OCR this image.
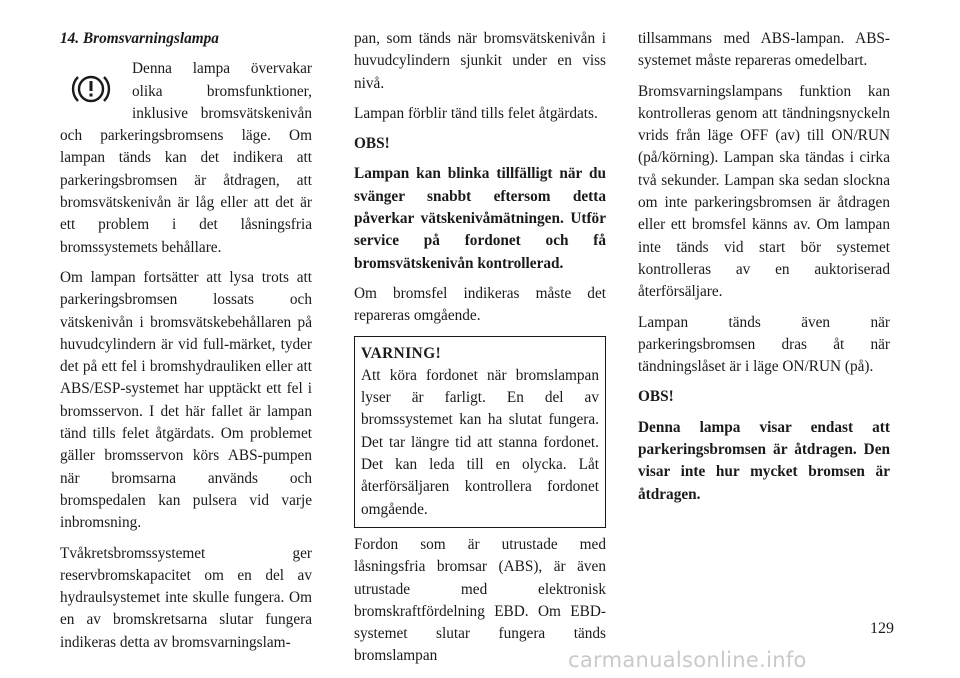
14. Bromsvarningslampa

Denna lampa övervakar olika bromsfunktioner, inklusive bromsvätskenivån och parkeringsbromsens läge. Om lampan tänds kan det indikera att parkeringsbromsen är åtdragen, att bromsvätskenivån är låg eller att det är ett problem i det låsningsfria bromssystemets behållare.

Om lampan fortsätter att lysa trots att parkeringsbromsen lossats och vätskenivån i bromsvätskebehållaren på huvudcylindern är vid full-märket, tyder det på ett fel i bromshydrauliken eller att ABS/ESP-systemet har upptäckt ett fel i bromsservon. I det här fallet är lampan tänd tills felet åtgärdats. Om problemet gäller bromsservon körs ABS-pumpen när bromsarna används och bromspedalen kan pulsera vid varje inbromsning.

Tvåkretsbromssystemet ger reservbromskapacitet om en del av hydraulsystemet inte skulle fungera. Om en av bromskretsarna slutar fungera indikeras detta av bromsvarningslam-

pan, som tänds när bromsvätskenivån i huvudcylindern sjunkit under en viss nivå.

Lampan förblir tänd tills felet åtgärdats.

OBS!

Lampan kan blinka tillfälligt när du svänger snabbt eftersom detta påverkar vätskenivåmätningen. Utför service på fordonet och få bromsvätskenivån kontrollerad.

Om bromsfel indikeras måste det repareras omgående.

VARNING!

Att köra fordonet när bromslampan lyser är farligt. En del av bromssystemet kan ha slutat fungera. Det tar längre tid att stanna fordonet. Det kan leda till en olycka. Låt återförsäljaren kontrollera fordonet omgående.

Fordon som är utrustade med låsningsfria bromsar (ABS), är även utrustade med elektronisk bromskraftfördelning EBD. Om EBD-systemet slutar fungera tänds bromslampan

tillsammans med ABS-lampan. ABS-systemet måste repareras omedelbart.

Bromsvarningslampans funktion kan kontrolleras genom att tändningsnyckeln vrids från läge OFF (av) till ON/RUN (på/körning). Lampan ska tändas i cirka två sekunder. Lampan ska sedan slockna om inte parkeringsbromsen är åtdragen eller ett bromsfel känns av. Om lampan inte tänds vid start bör systemet kontrolleras av en auktoriserad återförsäljare.

Lampan tänds även när parkeringsbromsen dras åt när tändningslåset är i läge ON/RUN (på).

OBS!

Denna lampa visar endast att parkeringsbromsen är åtdragen. Den visar inte hur mycket bromsen är åtdragen.

129
carmanualsonline.info
